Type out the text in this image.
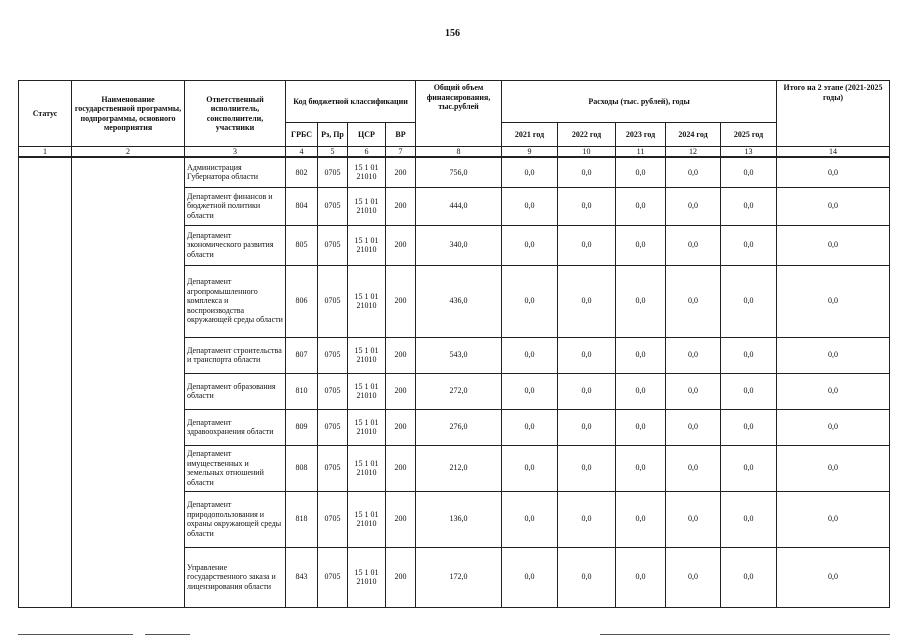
156
Статус	Наименование государственной программы, подпрограммы, основного мероприятия	Ответственный исполнитель, соисполнители, участники	Код бюджетной классификации				Общий объем финансирования, тыс.рублей	Расходы (тыс. рублей), годы					Итого на 2 этапе (2021-2025 годы)
			ГРБС	Рз, Пр	ЦСР	ВР		2021 год	2022 год	2023 год	2024 год	2025 год	
1	2	3	4	5	6	7	8	9	10	11	12	13	14
		Администрация Губернатора области	802	0705	15 1 01 21010	200	756,0	0,0	0,0	0,0	0,0	0,0	0,0
		Департамент финансов и бюджетной политики области	804	0705	15 1 01 21010	200	444,0	0,0	0,0	0,0	0,0	0,0	0,0
		Департамент экономического развития области	805	0705	15 1 01 21010	200	340,0	0,0	0,0	0,0	0,0	0,0	0,0
		Департамент агропромышленного комплекса и воспроизводства окружающей среды области	806	0705	15 1 01 21010	200	436,0	0,0	0,0	0,0	0,0	0,0	0,0
		Департамент строительства и транспорта области	807	0705	15 1 01 21010	200	543,0	0,0	0,0	0,0	0,0	0,0	0,0
		Департамент образования области	810	0705	15 1 01 21010	200	272,0	0,0	0,0	0,0	0,0	0,0	0,0
		Департамент здравоохранения области	809	0705	15 1 01 21010	200	276,0	0,0	0,0	0,0	0,0	0,0	0,0
		Департамент имущественных и земельных отношений области	808	0705	15 1 01 21010	200	212,0	0,0	0,0	0,0	0,0	0,0	0,0
		Департамент природопользования и охраны окружающей среды области	818	0705	15 1 01 21010	200	136,0	0,0	0,0	0,0	0,0	0,0	0,0
		Управление государственного заказа и лицензирования области	843	0705	15 1 01 21010	200	172,0	0,0	0,0	0,0	0,0	0,0	0,0
